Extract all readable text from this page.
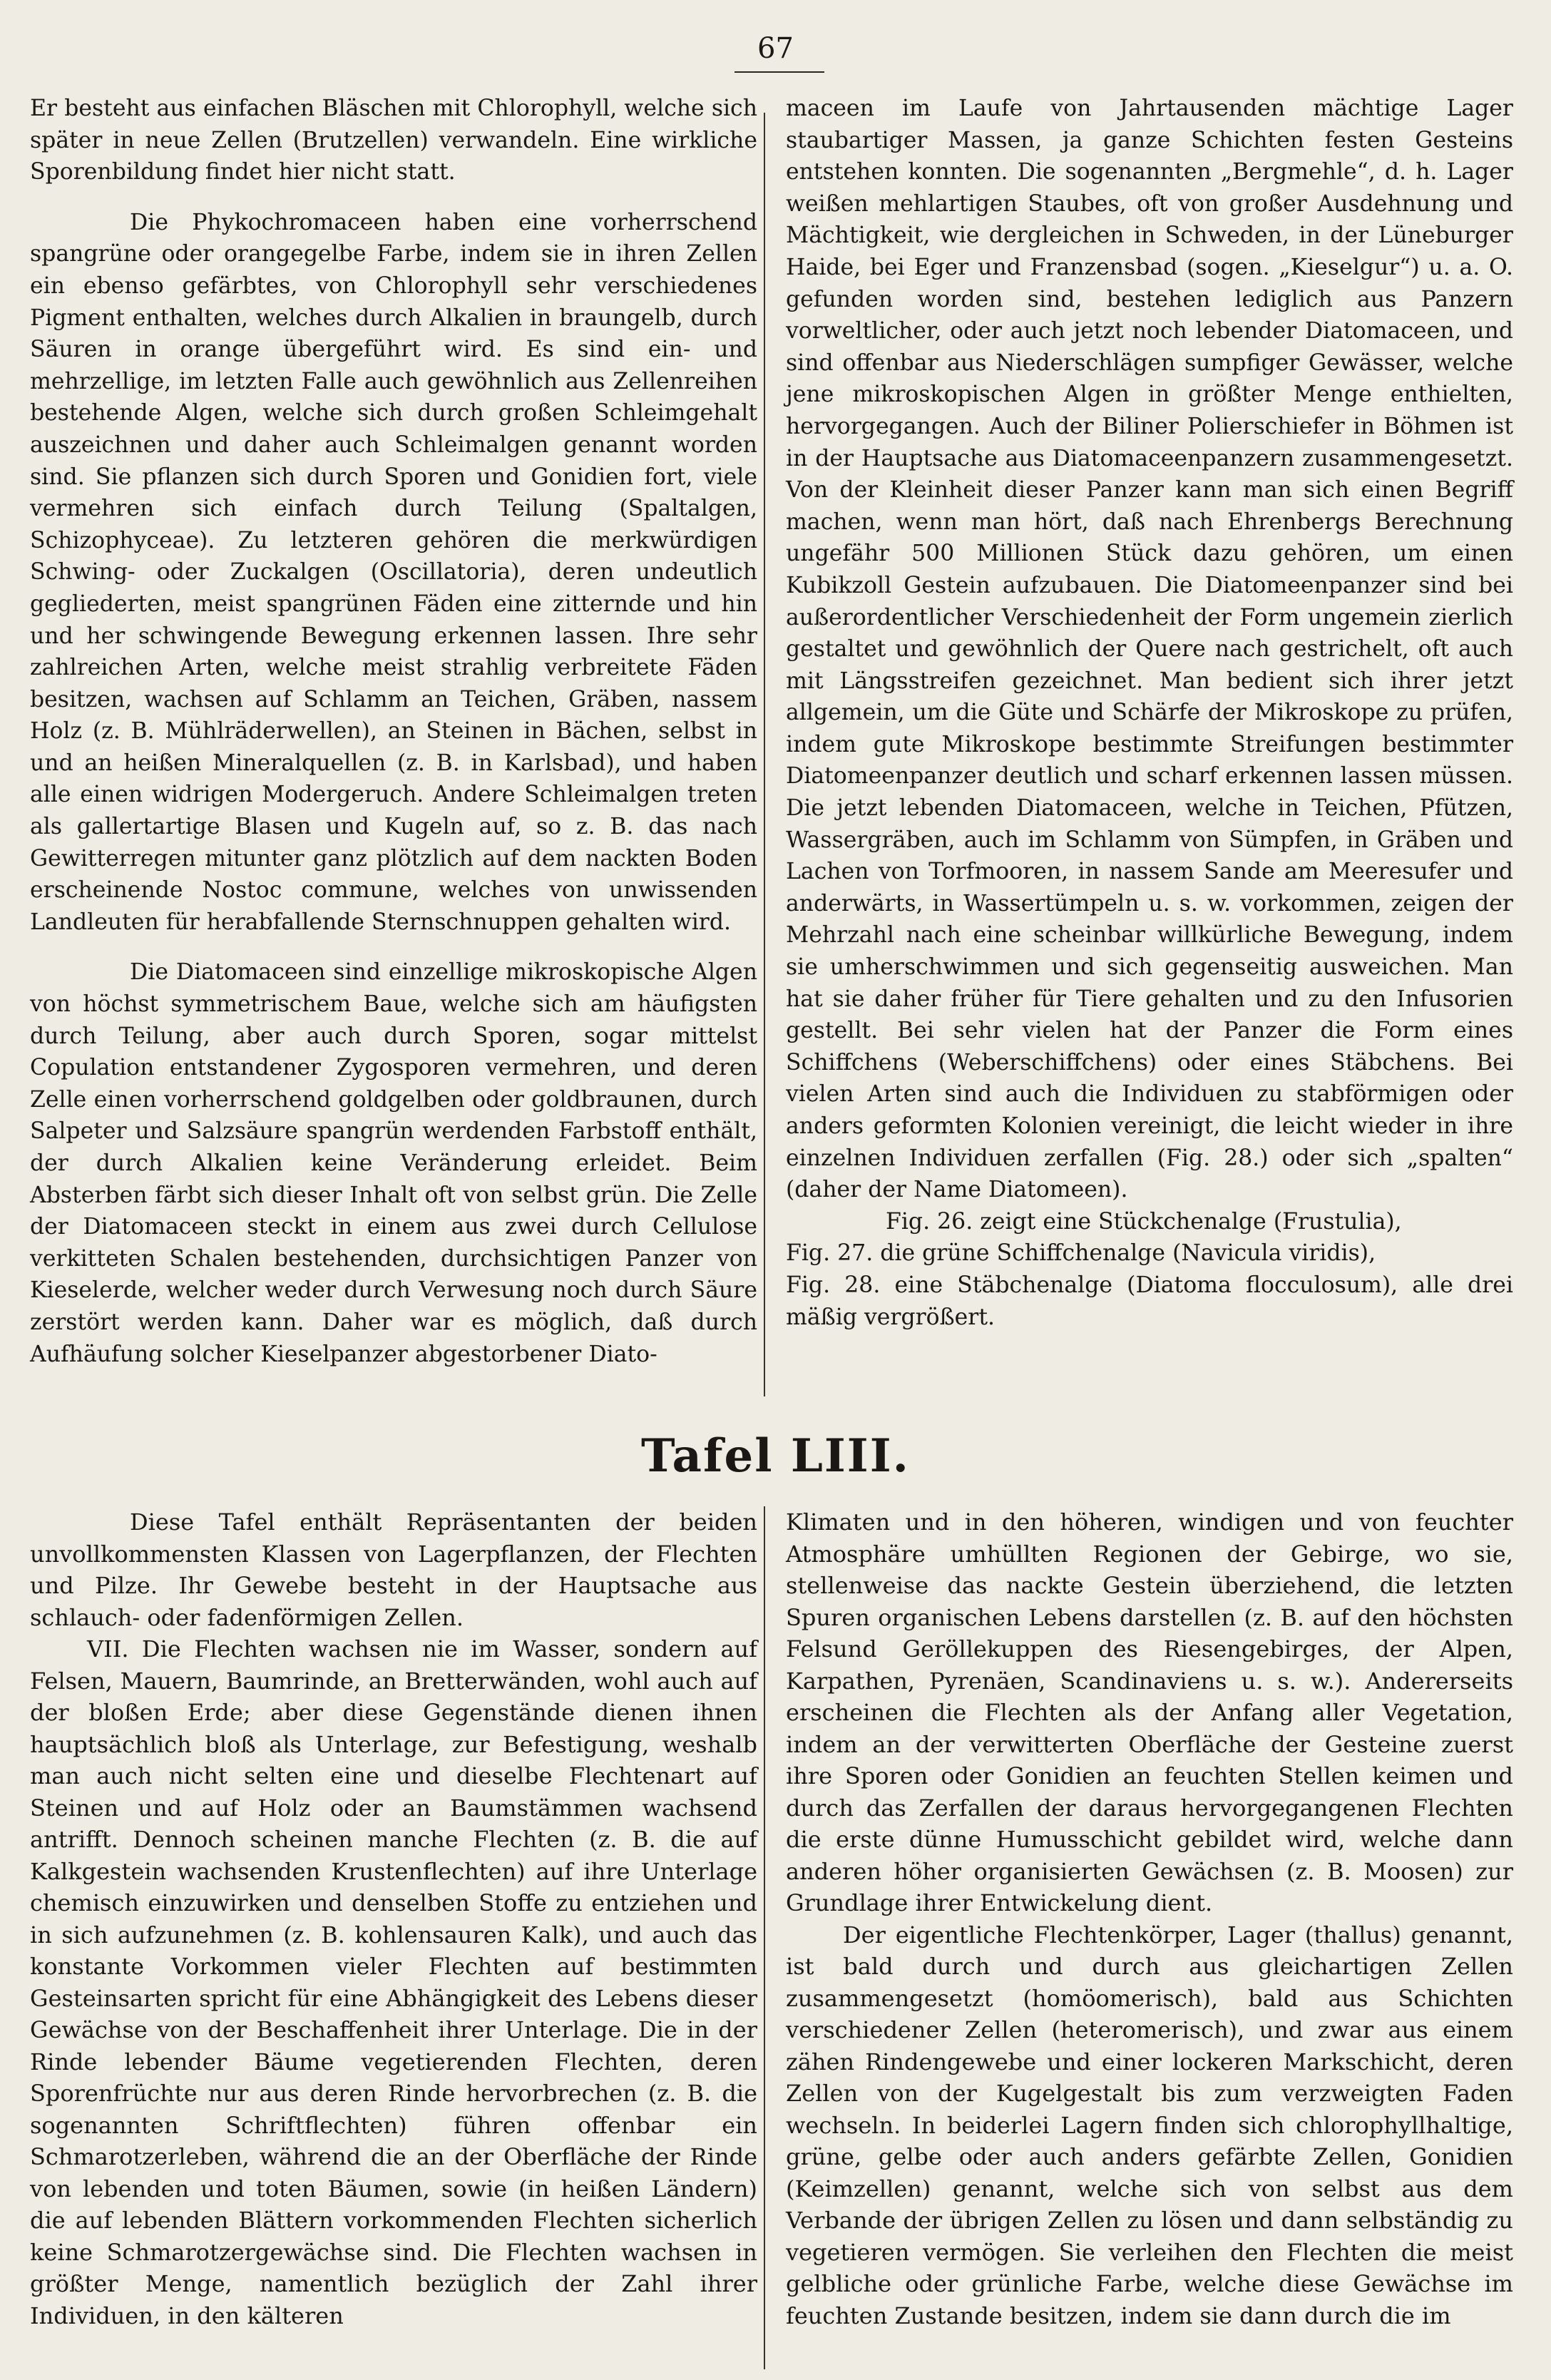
67

Er besteht aus einfachen Bläschen mit Chlorophyll, welche sich später in neue Zellen (Brutzellen) verwandeln. Eine wirkliche Sporenbildung findet hier nicht statt.

Die Phykochromaceen haben eine vorherrschend spangrüne oder orangegelbe Farbe, indem sie in ihren Zellen ein ebenso gefärbtes, von Chlorophyll sehr verschiedenes Pigment enthalten, welches durch Alkalien in braungelb, durch Säuren in orange übergeführt wird. Es sind ein- und mehrzellige, im letzten Falle auch gewöhnlich aus Zellenreihen bestehende Algen, welche sich durch großen Schleimgehalt auszeichnen und daher auch Schleimalgen genannt worden sind. Sie pflanzen sich durch Sporen und Gonidien fort, viele vermehren sich einfach durch Teilung (Spaltalgen, Schizophyceae). Zu letzteren gehören die merkwürdigen Schwing- oder Zuckalgen (Oscillatoria), deren undeutlich gegliederten, meist spangrünen Fäden eine zitternde und hin und her schwingende Bewegung erkennen lassen. Ihre sehr zahlreichen Arten, welche meist strahlig verbreitete Fäden besitzen, wachsen auf Schlamm an Teichen, Gräben, nassem Holz (z. B. Mühlräderwellen), an Steinen in Bächen, selbst in und an heißen Mineralquellen (z. B. in Karlsbad), und haben alle einen widrigen Modergeruch. Andere Schleimalgen treten als gallertartige Blasen und Kugeln auf, so z. B. das nach Gewitterregen mitunter ganz plötzlich auf dem nackten Boden erscheinende Nostoc commune, welches von unwissenden Landleuten für herabfallende Sternschnuppen gehalten wird.

Die Diatomaceen sind einzellige mikroskopische Algen von höchst symmetrischem Baue, welche sich am häufigsten durch Teilung, aber auch durch Sporen, sogar mittelst Copulation entstandener Zygosporen vermehren, und deren Zelle einen vorherrschend goldgelben oder goldbraunen, durch Salpeter und Salzsäure spangrün werdenden Farbstoff enthält, der durch Alkalien keine Veränderung erleidet. Beim Absterben färbt sich dieser Inhalt oft von selbst grün. Die Zelle der Diatomaceen steckt in einem aus zwei durch Cellulose verkitteten Schalen bestehenden, durchsichtigen Panzer von Kieselerde, welcher weder durch Verwesung noch durch Säure zerstört werden kann. Daher war es möglich, daß durch Aufhäufung solcher Kieselpanzer abgestorbener Diato-

maceen im Laufe von Jahrtausenden mächtige Lager staubartiger Massen, ja ganze Schichten festen Gesteins entstehen konnten. Die sogenannten „Bergmehle“, d. h. Lager weißen mehlartigen Staubes, oft von großer Ausdehnung und Mächtigkeit, wie dergleichen in Schweden, in der Lüneburger Haide, bei Eger und Franzensbad (sogen. „Kieselgur“) u. a. O. gefunden worden sind, bestehen lediglich aus Panzern vorweltlicher, oder auch jetzt noch lebender Diatomaceen, und sind offenbar aus Niederschlägen sumpfiger Gewässer, welche jene mikroskopischen Algen in größter Menge enthielten, hervorgegangen. Auch der Biliner Polierschiefer in Böhmen ist in der Hauptsache aus Diatomaceenpanzern zusammengesetzt. Von der Kleinheit dieser Panzer kann man sich einen Begriff machen, wenn man hört, daß nach Ehrenbergs Berechnung ungefähr 500 Millionen Stück dazu gehören, um einen Kubikzoll Gestein aufzubauen. Die Diatomeenpanzer sind bei außerordentlicher Verschiedenheit der Form ungemein zierlich gestaltet und gewöhnlich der Quere nach gestrichelt, oft auch mit Längsstreifen gezeichnet. Man bedient sich ihrer jetzt allgemein, um die Güte und Schärfe der Mikroskope zu prüfen, indem gute Mikroskope bestimmte Streifungen bestimmter Diatomeenpanzer deutlich und scharf erkennen lassen müssen. Die jetzt lebenden Diatomaceen, welche in Teichen, Pfützen, Wassergräben, auch im Schlamm von Sümpfen, in Gräben und Lachen von Torfmooren, in nassem Sande am Meeresufer und anderwärts, in Wassertümpeln u. s. w. vorkommen, zeigen der Mehrzahl nach eine scheinbar willkürliche Bewegung, indem sie umherschwimmen und sich gegenseitig ausweichen. Man hat sie daher früher für Tiere gehalten und zu den Infusorien gestellt. Bei sehr vielen hat der Panzer die Form eines Schiffchens (Weberschiffchens) oder eines Stäbchens. Bei vielen Arten sind auch die Individuen zu stabförmigen oder anders geformten Kolonien vereinigt, die leicht wieder in ihre einzelnen Individuen zerfallen (Fig. 28.) oder sich „spalten“ (daher der Name Diatomeen).

Fig. 26. zeigt eine Stückchenalge (Frustulia),

Fig. 27. die grüne Schiffchenalge (Navicula viridis),

Fig. 28. eine Stäbchenalge (Diatoma flocculosum), alle drei mäßig vergrößert.

Tafel LIII.

Diese Tafel enthält Repräsentanten der beiden unvollkommensten Klassen von Lagerpflanzen, der Flechten und Pilze. Ihr Gewebe besteht in der Hauptsache aus schlauch- oder fadenförmigen Zellen.

VII. Die Flechten wachsen nie im Wasser, sondern auf Felsen, Mauern, Baumrinde, an Bretterwänden, wohl auch auf der bloßen Erde; aber diese Gegenstände dienen ihnen hauptsächlich bloß als Unterlage, zur Befestigung, weshalb man auch nicht selten eine und dieselbe Flechtenart auf Steinen und auf Holz oder an Baumstämmen wachsend antrifft. Dennoch scheinen manche Flechten (z. B. die auf Kalkgestein wachsenden Krustenflechten) auf ihre Unterlage chemisch einzuwirken und denselben Stoffe zu entziehen und in sich aufzunehmen (z. B. kohlensauren Kalk), und auch das konstante Vorkommen vieler Flechten auf bestimmten Gesteinsarten spricht für eine Abhängigkeit des Lebens dieser Gewächse von der Beschaffenheit ihrer Unterlage. Die in der Rinde lebender Bäume vegetierenden Flechten, deren Sporenfrüchte nur aus deren Rinde hervorbrechen (z. B. die sogenannten Schriftflechten) führen offenbar ein Schmarotzerleben, während die an der Oberfläche der Rinde von lebenden und toten Bäumen, sowie (in heißen Ländern) die auf lebenden Blättern vorkommenden Flechten sicherlich keine Schmarotzergewächse sind. Die Flechten wachsen in größter Menge, namentlich bezüglich der Zahl ihrer Individuen, in den kälteren

Klimaten und in den höheren, windigen und von feuchter Atmosphäre umhüllten Regionen der Gebirge, wo sie, stellenweise das nackte Gestein überziehend, die letzten Spuren organischen Lebens darstellen (z. B. auf den höchsten Felsund Geröllekuppen des Riesengebirges, der Alpen, Karpathen, Pyrenäen, Scandinaviens u. s. w.). Andererseits erscheinen die Flechten als der Anfang aller Vegetation, indem an der verwitterten Oberfläche der Gesteine zuerst ihre Sporen oder Gonidien an feuchten Stellen keimen und durch das Zerfallen der daraus hervorgegangenen Flechten die erste dünne Humusschicht gebildet wird, welche dann anderen höher organisierten Gewächsen (z. B. Moosen) zur Grundlage ihrer Entwickelung dient.

Der eigentliche Flechtenkörper, Lager (thallus) genannt, ist bald durch und durch aus gleichartigen Zellen zusammengesetzt (homöomerisch), bald aus Schichten verschiedener Zellen (heteromerisch), und zwar aus einem zähen Rindengewebe und einer lockeren Markschicht, deren Zellen von der Kugelgestalt bis zum verzweigten Faden wechseln. In beiderlei Lagern finden sich chlorophyllhaltige, grüne, gelbe oder auch anders gefärbte Zellen, Gonidien (Keimzellen) genannt, welche sich von selbst aus dem Verbande der übrigen Zellen zu lösen und dann selbständig zu vegetieren vermögen. Sie verleihen den Flechten die meist gelbliche oder grünliche Farbe, welche diese Gewächse im feuchten Zustande besitzen, indem sie dann durch die im
